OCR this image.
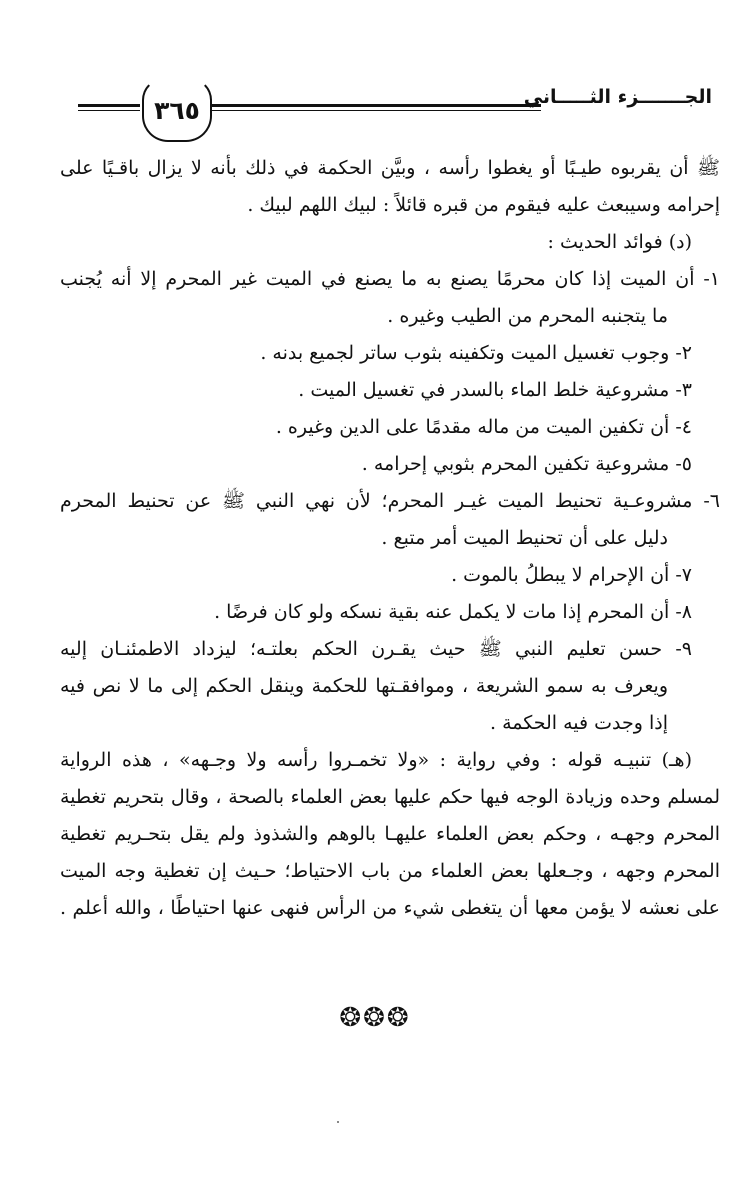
٣٦٥	الجـــــــزء الثـــــاني
ﷺ أن يقربوه طيـبًا أو يغطوا رأسه ، وبيَّن الحكمة في ذلك بأنه لا يزال باقـيًا على
إحرامه وسيبعث عليه فيقوم من قبره قائلاً : لبيك اللهم لبيك .
(د) فوائد الحديث :
١- أن الميت إذا كان محرمًا يصنع به ما يصنع في الميت غير المحرم إلا أنه يُجنب
ما يتجنبه المحرم من الطيب وغيره .
٢- وجوب تغسيل الميت وتكفينه بثوب ساتر لجميع بدنه .
٣- مشروعية خلط الماء بالسدر في تغسيل الميت .
٤- أن تكفين الميت من ماله مقدمًا على الدين وغيره .
٥- مشروعية تكفين المحرم بثوبي إحرامه .
٦- مشروعـية تحنيط الميت غيـر المحرم؛ لأن نهي النبي ﷺ عن تحنيط المحرم
دليل على أن تحنيط الميت أمر متبع .
٧- أن الإحرام لا يبطلُ بالموت .
٨- أن المحرم إذا مات لا يكمل عنه بقية نسكه ولو كان فرضًا .
٩- حسن تعليم النبي ﷺ حيث يقـرن الحكم بعلتـه؛ ليزداد الاطمئنـان إليه
ويعرف به سمو الشريعة ، وموافقـتها للحكمة وينقل الحكم إلى ما لا نص فيه
إذا وجدت فيه الحكمة .
(هـ) تنبيـه قوله : وفي رواية : «ولا تخمـروا رأسه ولا وجـهه» ، هذه الرواية
لمسلم وحده وزيادة الوجه فيها حكم عليها بعض العلماء بالصحة ، وقال بتحريم تغطية
المحرم وجهـه ، وحكم بعض العلماء عليهـا بالوهم والشذوذ ولم يقل بتحـريم تغطية
المحرم وجهه ، وجـعلها بعض العلماء من باب الاحتياط؛ حـيث إن تغطية وجه الميت
على نعشه لا يؤمن معها أن يتغطى شيء من الرأس فنهى عنها احتياطًا ، والله أعلم .
❂❂❂
